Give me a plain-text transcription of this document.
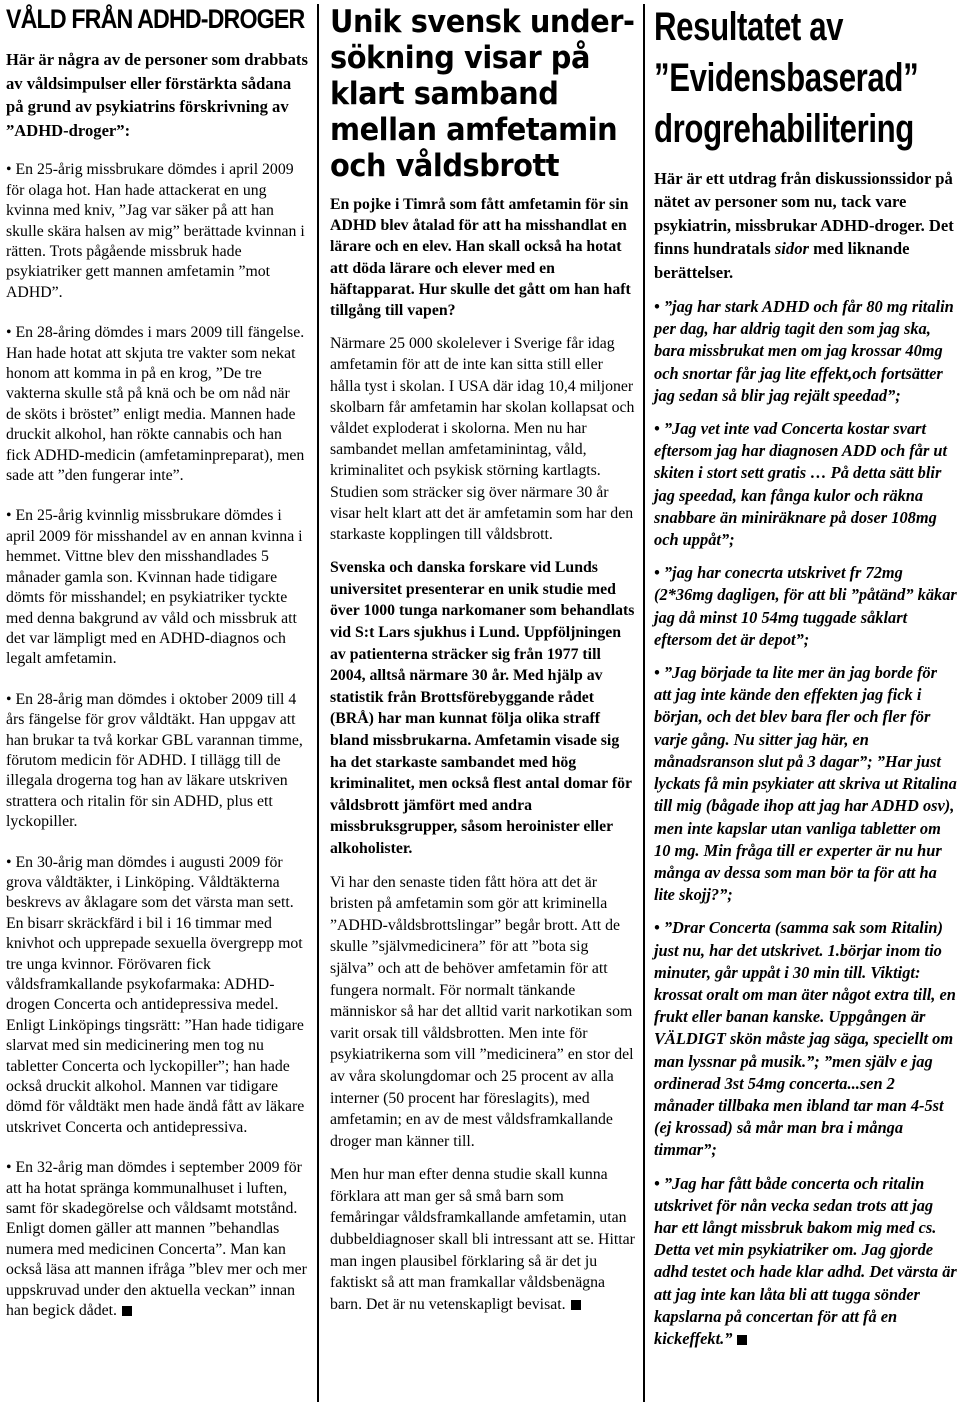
VÅLD FRÅN ADHD-DROGER

Här är några av de personer som drabbats av våldsimpulser eller förstärkta sådana på grund av psykiatrins förskrivning av ”ADHD-droger”:

• En 25-årig missbrukare dömdes i april 2009 för olaga hot. Han hade attackerat en ung kvinna med kniv, ”Jag var säker på att han skulle skära halsen av mig” berättade kvinnan i rätten. Trots pågående missbruk hade psykiatriker gett mannen amfetamin ”mot ADHD”.

• En 28-åring dömdes i mars 2009 till fängelse. Han hade hotat att skjuta tre vakter som nekat honom att komma in på en krog, ”De tre vakterna skulle stå på knä och be om nåd när de sköts i bröstet” enligt media. Mannen hade druckit alkohol, han rökte cannabis och han fick ADHD-medicin (amfetaminpreparat), men sade att ”den fungerar inte”.

• En 25-årig kvinnlig missbrukare dömdes i april 2009 för misshandel av en annan kvinna i hemmet. Vittne blev den misshandlades 5 månader gamla son. Kvinnan hade tidigare dömts för misshandel; en psykiatriker tyckte med denna bakgrund av våld och missbruk att det var lämpligt med en ADHD-diagnos och legalt amfetamin.

• En 28-årig man dömdes i oktober 2009 till 4 års fängelse för grov våldtäkt. Han uppgav att han brukar ta två korkar GBL varannan timme, förutom medicin för ADHD. I tillägg till de illegala drogerna tog han av läkare utskriven strattera och ritalin för sin ADHD, plus ett lyckopiller.

• En 30-årig man dömdes i augusti 2009 för grova våldtäkter, i Linköping. Våldtäkterna beskrevs av åklagare som det värsta man sett. En bisarr skräckfärd i bil i 16 timmar med knivhot och upprepade sexuella övergrepp mot tre unga kvinnor. Förövaren fick våldsframkallande psykofarmaka: ADHD-drogen Concerta och antidepressiva medel. Enligt Linköpings tingsrätt: ”Han hade tidigare slarvat med sin medicinering men tog nu tabletter Concerta och lyckopiller”; han hade också druckit alkohol. Mannen var tidigare dömd för våldtäkt men hade ändå fått av läkare utskrivet Concerta och antidepressiva.

• En 32-årig man dömdes i september 2009 för att ha hotat spränga kommunalhuset i luften, samt för skadegörelse och våldsamt motstånd. Enligt domen gäller att mannen ”behandlas numera med medicinen Concerta”. Man kan också läsa att mannen ifråga ”blev mer och mer uppskruvad under den aktuella veckan” innan han begick dådet.

Unik svensk under-
sökning visar på
klart samband
mellan amfetamin
och våldsbrott

En pojke i Timrå som fått amfetamin för sin ADHD blev åtalad för att ha misshandlat en lärare och en elev. Han skall också ha hotat att döda lärare och elever med en häftapparat. Hur skulle det gått om han haft tillgång till vapen?

Närmare 25 000 skolelever i Sverige får idag amfetamin för att de inte kan sitta still eller hålla tyst i skolan. I USA där idag 10,4 miljoner skolbarn får amfetamin har skolan kollapsat och våldet exploderat i skolorna. Men nu har sambandet mellan amfetaminintag, våld, kriminalitet och psykisk störning kartlagts. Studien som sträcker sig över närmare 30 år visar helt klart att det är amfetamin som har den starkaste kopplingen till våldsbrott.

Svenska och danska forskare vid Lunds universitet presenterar en unik studie med över 1000 tunga narkomaner som behandlats vid S:t Lars sjukhus i Lund. Uppföljningen av patienterna sträcker sig från 1977 till 2004, alltså närmare 30 år. Med hjälp av statistik från Brottsförebyggande rådet (BRÅ) har man kunnat följa olika straff bland missbrukarna. Amfetamin visade sig ha det starkaste sambandet med hög kriminalitet, men också flest antal domar för våldsbrott jämfört med andra missbruksgrupper, såsom heroinister eller alkoholister.

Vi har den senaste tiden fått höra att det är bristen på amfetamin som gör att kriminella ”ADHD-våldsbrottslingar” begår brott. Att de skulle ”självmedicinera” för att ”bota sig själva” och att de behöver amfetamin för att fungera normalt. För normalt tänkande människor så har det alltid varit narkotikan som varit orsak till våldsbrotten. Men inte för psykiatrikerna som vill ”medicinera” en stor del av våra skolungdomar och 25 procent av alla interner (50 procent har föreslagits), med amfetamin; en av de mest våldsframkallande droger man känner till.

Men hur man efter denna studie skall kunna förklara att man ger så små barn som femåringar våldsframkallande amfetamin, utan dubbeldiagnoser skall bli intressant att se. Hittar man ingen plausibel förklaring så är det ju faktiskt så att man framkallar våldsbenägna barn. Det är nu vetenskapligt bevisat.

Resultatet av
”Evidensbaserad”
drogrehabilitering

Här är ett utdrag från diskussionssidor på nätet av personer som nu, tack vare psykiatrin, missbrukar ADHD-droger. Det finns hundratals sidor med liknande berättelser.

• ”jag har stark ADHD och får 80 mg ritalin per dag, har aldrig tagit den som jag ska, bara missbrukat men om jag krossar 40mg och snortar får jag lite effekt,och fortsätter jag sedan så blir jag rejält speedad”;

• ”Jag vet inte vad Concerta kostar svart eftersom jag har diagnosen ADD och får ut skiten i stort sett gratis … På detta sätt blir jag speedad, kan fånga kulor och räkna snabbare än miniräknare på doser 108mg och uppåt”;

• ”jag har conecrta utskrivet fr 72mg (2*36mg dagligen, för att bli ”påtänd” käkar jag då minst 10 54mg tuggade såklart eftersom det är depot”;

• ”Jag började ta lite mer än jag borde för att jag inte kände den effekten jag fick i början, och det blev bara fler och fler för varje gång. Nu sitter jag här, en månadsranson slut på 3 dagar”; ”Har just lyckats få min psykiater att skriva ut Ritalina till mig (bågade ihop att jag har ADHD osv), men inte kapslar utan vanliga tabletter om 10 mg. Min fråga till er experter är nu hur många av dessa som man bör ta för att ha lite skojj?”;

• ”Drar Concerta (samma sak som Ritalin) just nu, har det utskrivet. 1.börjar inom tio minuter, går uppåt i 30 min till. Viktigt: krossat oralt om man äter något extra till, en frukt eller banan kanske. Uppgången är VÄLDIGT skön måste jag säga, speciellt om man lyssnar på musik.”; ”men själv e jag ordinerad 3st 54mg concerta...sen 2 månader tillbaka men ibland tar man 4-5st (ej krossad) så mår man bra i många timmar”;

• ”Jag har fått både concerta och ritalin utskrivet för nån vecka sedan trots att jag har ett långt missbruk bakom mig med cs. Detta vet min psykiatriker om. Jag gjorde adhd testet och hade klar adhd. Det värsta är att jag inte kan låta bli att tugga sönder kapslarna på concertan för att få en kickeffekt.”
